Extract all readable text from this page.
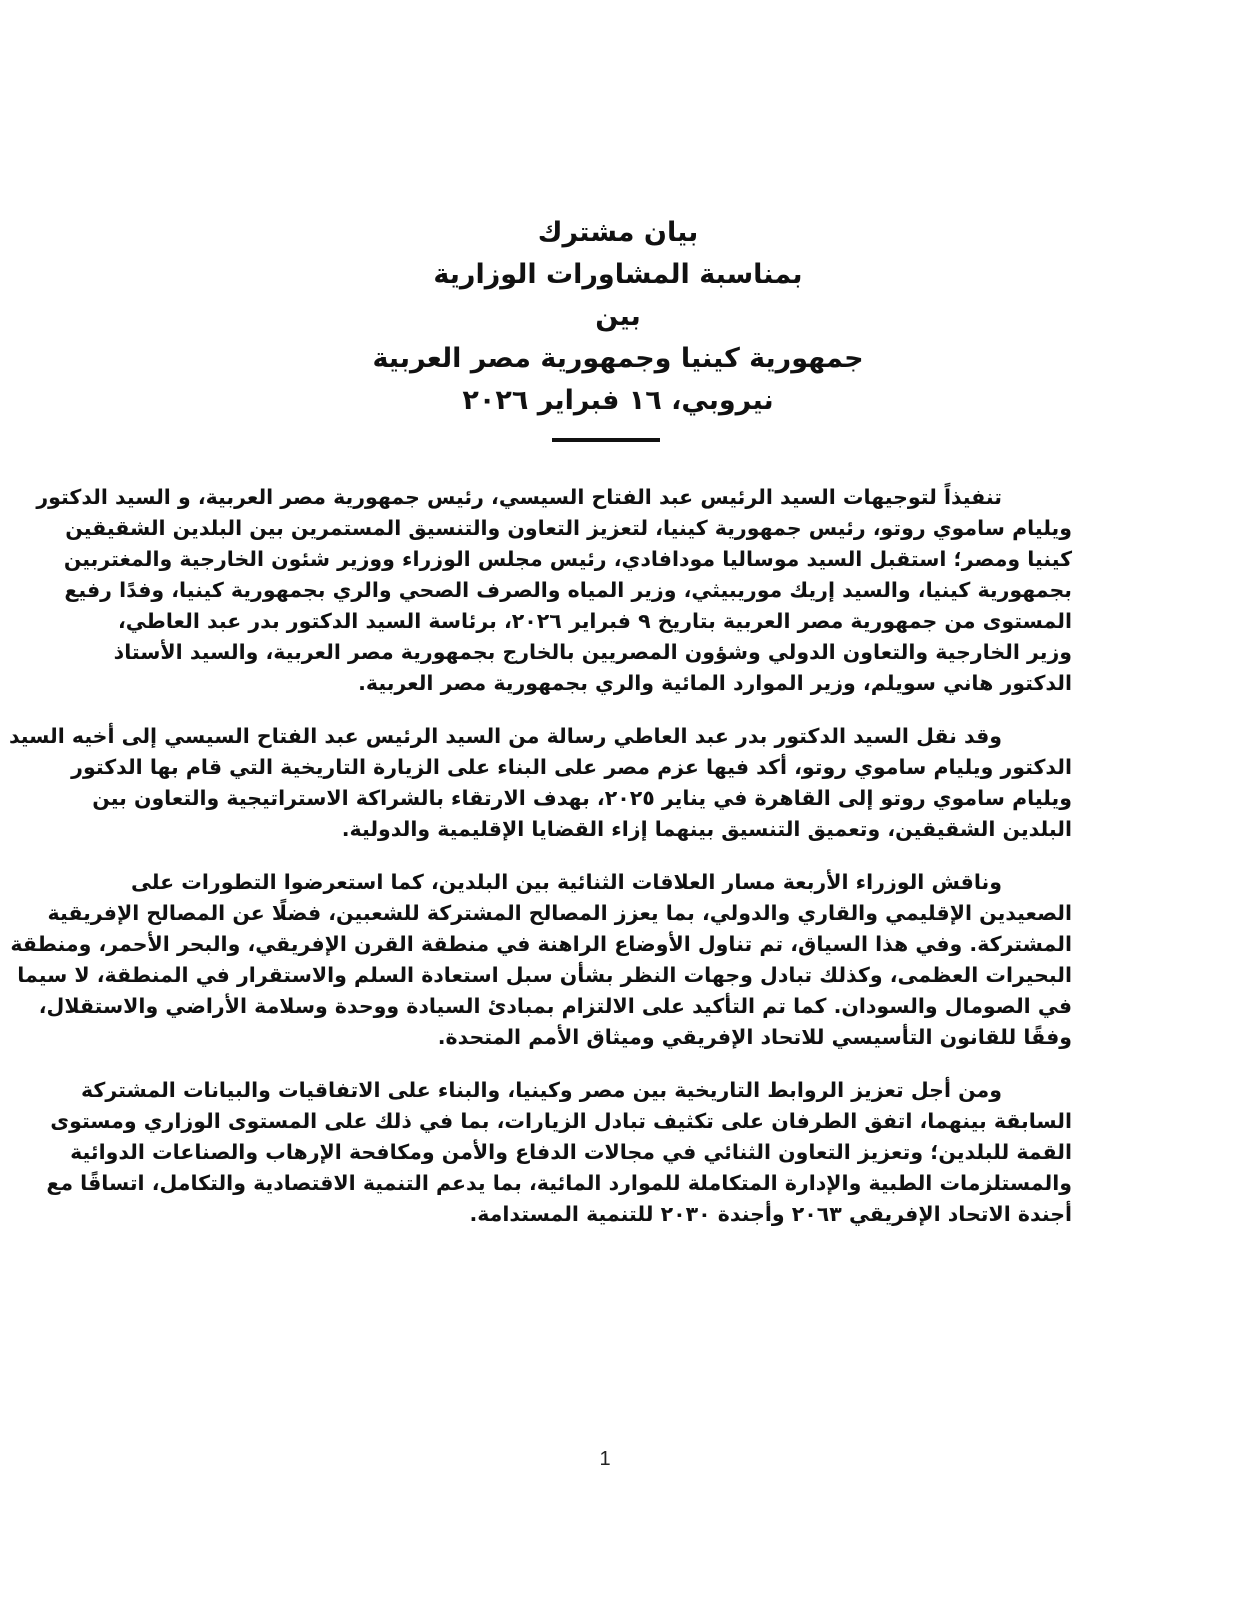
بيان مشترك
بمناسبة المشاورات الوزارية
بين
جمهورية كينيا وجمهورية مصر العربية
نيروبي، ١٦ فبراير ٢٠٢٦
تنفيذاً لتوجيهات السيد الرئيس عبد الفتاح السيسي، رئيس جمهورية مصر العربية، و السيد الدكتور
ويليام ساموي روتو، رئيس جمهورية كينيا، لتعزيز التعاون والتنسيق المستمرين بين البلدين الشقيقين
كينيا ومصر؛ استقبل السيد موساليا مودافادي، رئيس مجلس الوزراء ووزير شئون الخارجية والمغتربين
بجمهورية كينيا، والسيد إريك موريبيثي، وزير المياه والصرف الصحي والري بجمهورية كينيا، وفدًا رفيع
المستوى من جمهورية مصر العربية بتاريخ ٩ فبراير ٢٠٢٦، برئاسة السيد الدكتور بدر عبد العاطي،
وزير الخارجية والتعاون الدولي وشؤون المصريين بالخارج بجمهورية مصر العربية، والسيد الأستاذ
الدكتور هاني سويلم، وزير الموارد المائية والري بجمهورية مصر العربية.
وقد نقل السيد الدكتور بدر عبد العاطي رسالة من السيد الرئيس عبد الفتاح السيسي إلى أخيه السيد
الدكتور ويليام ساموي روتو، أكد فيها عزم مصر على البناء على الزيارة التاريخية التي قام بها الدكتور
ويليام ساموي روتو إلى القاهرة في يناير ٢٠٢٥، بهدف الارتقاء بالشراكة الاستراتيجية والتعاون بين
البلدين الشقيقين، وتعميق التنسيق بينهما إزاء القضايا الإقليمية والدولية.
وناقش الوزراء الأربعة مسار العلاقات الثنائية بين البلدين، كما استعرضوا التطورات على
الصعيدين الإقليمي والقاري والدولي، بما يعزز المصالح المشتركة للشعبين، فضلًا عن المصالح الإفريقية
المشتركة. وفي هذا السياق، تم تناول الأوضاع الراهنة في منطقة القرن الإفريقي، والبحر الأحمر، ومنطقة
البحيرات العظمى، وكذلك تبادل وجهات النظر بشأن سبل استعادة السلم والاستقرار في المنطقة، لا سيما
في الصومال والسودان. كما تم التأكيد على الالتزام بمبادئ السيادة ووحدة وسلامة الأراضي والاستقلال،
وفقًا للقانون التأسيسي للاتحاد الإفريقي وميثاق الأمم المتحدة.
ومن أجل تعزيز الروابط التاريخية بين مصر وكينيا، والبناء على الاتفاقيات والبيانات المشتركة
السابقة بينهما، اتفق الطرفان على تكثيف تبادل الزيارات، بما في ذلك على المستوى الوزاري ومستوى
القمة للبلدين؛ وتعزيز التعاون الثنائي في مجالات الدفاع والأمن ومكافحة الإرهاب والصناعات الدوائية
والمستلزمات الطبية والإدارة المتكاملة للموارد المائية، بما يدعم التنمية الاقتصادية والتكامل، اتساقًا مع
أجندة الاتحاد الإفريقي ٢٠٦٣ وأجندة ٢٠٣٠ للتنمية المستدامة.
1
